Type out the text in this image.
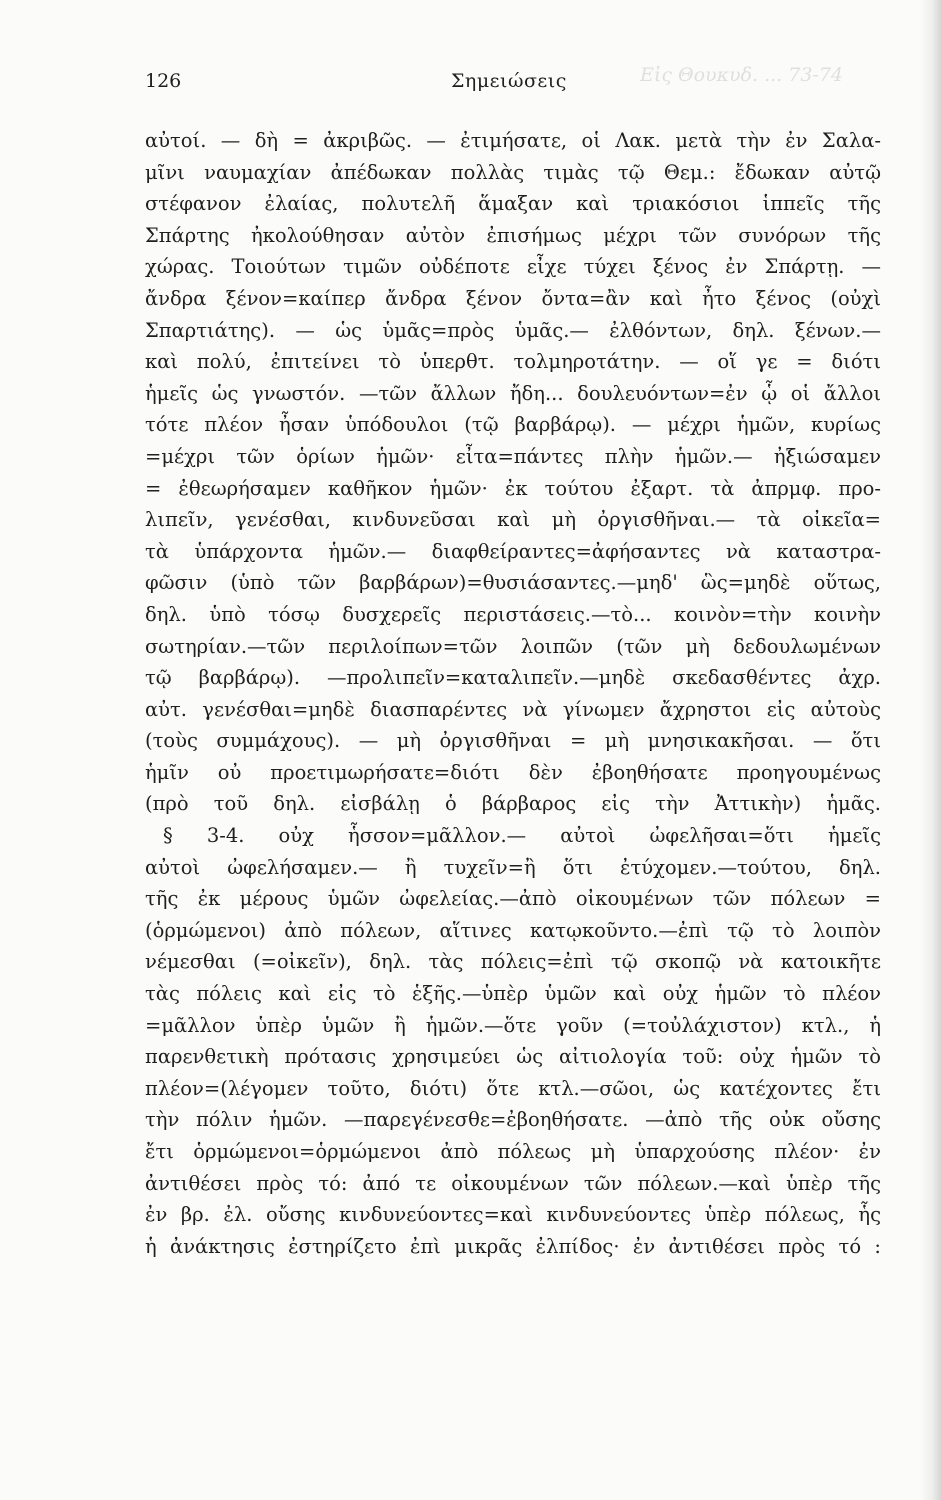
Εἰς Θουκυδ. ... 73-74
126	Σημειώσεις
αὐτοί. — δὴ = ἀκριβῶς. — ἐτιμήσατε, οἱ Λακ. μετὰ τὴν ἐν Σαλα-
μῖνι ναυμαχίαν ἀπέδωκαν πολλὰς τιμὰς τῷ Θεμ.: ἔδωκαν αὐτῷ
στέφανον ἐλαίας, πολυτελῆ ἅμαξαν καὶ τριακόσιοι ἱππεῖς τῆς
Σπάρτης ἠκολούθησαν αὐτὸν ἐπισήμως μέχρι τῶν συνόρων τῆς
χώρας. Τοιούτων τιμῶν οὐδέποτε εἶχε τύχει ξένος ἐν Σπάρτῃ. —
ἄνδρα ξένον=καίπερ ἄνδρα ξένον ὄντα=ἂν καὶ ἦτο ξένος (οὐχὶ
Σπαρτιάτης). — ὡς ὑμᾶς=πρὸς ὑμᾶς.— ἐλθόντων, δηλ. ξένων.—
καὶ πολύ, ἐπιτείνει τὸ ὑπερθτ. τολμηροτάτην. — οἵ γε = διότι
ἡμεῖς ὡς γνωστόν. —τῶν ἄλλων ἤδη... δουλευόντων=ἐν ᾧ οἱ ἄλλοι
τότε πλέον ἦσαν ὑπόδουλοι (τῷ βαρβάρῳ). — μέχρι ἡμῶν, κυρίως
=μέχρι τῶν ὁρίων ἡμῶν· εἶτα=πάντες πλὴν ἡμῶν.— ἠξιώσαμεν
= ἐθεωρήσαμεν καθῆκον ἡμῶν· ἐκ τούτου ἐξαρτ. τὰ ἀπρμφ. προ-
λιπεῖν, γενέσθαι, κινδυνεῦσαι καὶ μὴ ὀργισθῆναι.— τὰ οἰκεῖα=
τὰ ὑπάρχοντα ἡμῶν.— διαφθείραντες=ἀφήσαντες νὰ καταστρα-
φῶσιν (ὑπὸ τῶν βαρβάρων)=θυσιάσαντες.—μηδ' ὣς=μηδὲ οὕτως,
δηλ. ὑπὸ τόσῳ δυσχερεῖς περιστάσεις.—τὸ... κοινὸν=τὴν κοινὴν
σωτηρίαν.—τῶν περιλοίπων=τῶν λοιπῶν (τῶν μὴ δεδουλωμένων
τῷ βαρβάρῳ). —προλιπεῖν=καταλιπεῖν.—μηδὲ σκεδασθέντες ἀχρ.
αὐτ. γενέσθαι=μηδὲ διασπαρέντες νὰ γίνωμεν ἄχρηστοι εἰς αὐτοὺς
(τοὺς συμμάχους). — μὴ ὀργισθῆναι = μὴ μνησικακῆσαι. — ὅτι
ἡμῖν οὐ προετιμωρήσατε=διότι δὲν ἐβοηθήσατε προηγουμένως
(πρὸ τοῦ δηλ. εἰσβάλῃ ὁ βάρβαρος εἰς τὴν Ἀττικὴν) ἡμᾶς.
§ 3-4. οὐχ ἧσσον=μᾶλλον.— αὐτοὶ ὠφελῆσαι=ὅτι ἡμεῖς
αὐτοὶ ὠφελήσαμεν.— ἢ τυχεῖν=ἢ ὅτι ἐτύχομεν.—τούτου, δηλ.
τῆς ἐκ μέρους ὑμῶν ὠφελείας.—ἀπὸ οἰκουμένων τῶν πόλεων =
(ὁρμώμενοι) ἀπὸ πόλεων, αἵτινες κατῳκοῦντο.—ἐπὶ τῷ τὸ λοιπὸν
νέμεσθαι (=οἰκεῖν), δηλ. τὰς πόλεις=ἐπὶ τῷ σκοπῷ νὰ κατοικῆτε
τὰς πόλεις καὶ εἰς τὸ ἑξῆς.—ὑπὲρ ὑμῶν καὶ οὐχ ἡμῶν τὸ πλέον
=μᾶλλον ὑπὲρ ὑμῶν ἢ ἡμῶν.—ὅτε γοῦν (=τοὐλάχιστον) κτλ., ἡ
παρενθετικὴ πρότασις χρησιμεύει ὡς αἰτιολογία τοῦ: οὐχ ἡμῶν τὸ
πλέον=(λέγομεν τοῦτο, διότι) ὅτε κτλ.—σῶοι, ὡς κατέχοντες ἔτι
τὴν πόλιν ἡμῶν. —παρεγένεσθε=ἐβοηθήσατε. —ἀπὸ τῆς οὐκ οὔσης
ἔτι ὁρμώμενοι=ὁρμώμενοι ἀπὸ πόλεως μὴ ὑπαρχούσης πλέον· ἐν
ἀντιθέσει πρὸς τό: ἀπό τε οἰκουμένων τῶν πόλεων.—καὶ ὑπὲρ τῆς
ἐν βρ. ἐλ. οὔσης κινδυνεύοντες=καὶ κινδυνεύοντες ὑπὲρ πόλεως, ἧς
ἡ ἀνάκτησις ἐστηρίζετο ἐπὶ μικρᾶς ἐλπίδος· ἐν ἀντιθέσει πρὸς τό :
